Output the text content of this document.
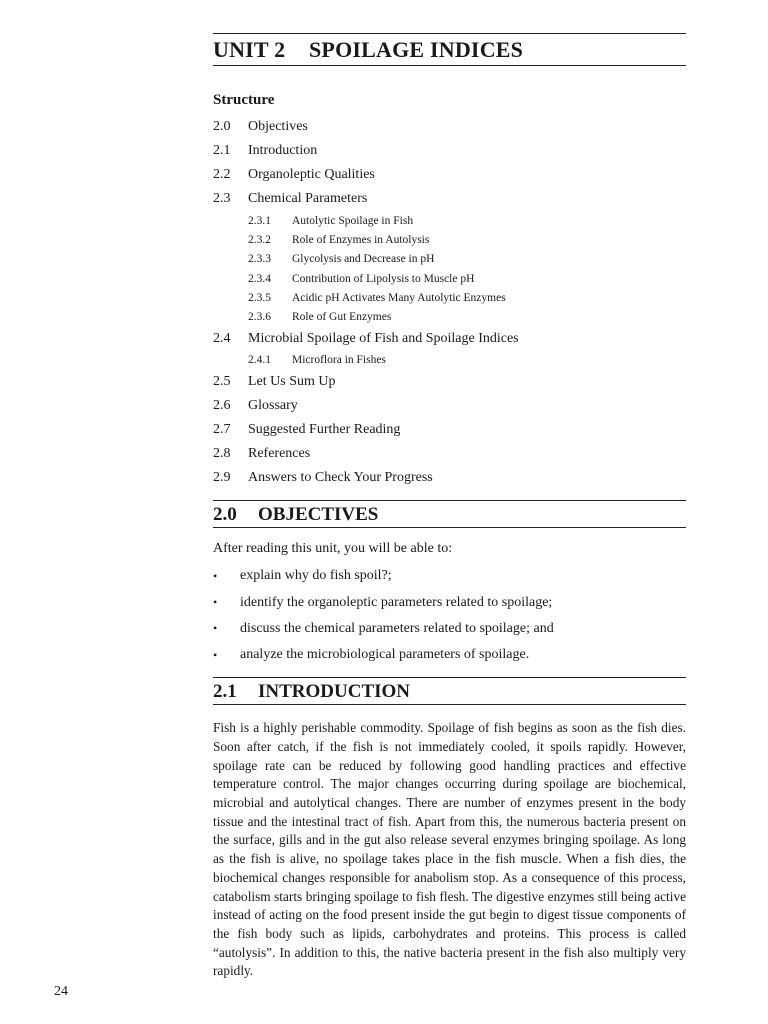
UNIT 2 SPOILAGE INDICES
Structure
2.0	Objectives
2.1	Introduction
2.2	Organoleptic Qualities
2.3	Chemical Parameters
2.3.1	Autolytic Spoilage in Fish
2.3.2	Role of Enzymes in Autolysis
2.3.3	Glycolysis and Decrease in pH
2.3.4	Contribution of Lipolysis to Muscle pH
2.3.5	Acidic pH Activates Many Autolytic Enzymes
2.3.6	Role of Gut Enzymes
2.4	Microbial Spoilage of Fish and Spoilage Indices
2.4.1	Microflora in Fishes
2.5	Let Us Sum Up
2.6	Glossary
2.7	Suggested Further Reading
2.8	References
2.9	Answers to Check Your Progress
2.0 OBJECTIVES
After reading this unit, you will be able to:
•	explain why do fish spoil?;
•	identify the organoleptic parameters related to spoilage;
•	discuss the chemical parameters related to spoilage; and
•	analyze the microbiological parameters of spoilage.
2.1 INTRODUCTION

Fish is a highly perishable commodity. Spoilage of fish begins as soon as the fish dies. Soon after catch, if the fish is not immediately cooled, it spoils rapidly. However, spoilage rate can be reduced by following good handling practices and effective temperature control. The major changes occurring during spoilage are biochemical, microbial and autolytical changes. There are number of enzymes present in the body tissue and the intestinal tract of fish. Apart from this, the numerous bacteria present on the surface, gills and in the gut also release several enzymes bringing spoilage. As long as the fish is alive, no spoilage takes place in the fish muscle. When a fish dies, the biochemical changes responsible for anabolism stop. As a consequence of this process, catabolism starts bringing spoilage to fish flesh. The digestive enzymes still being active instead of acting on the food present inside the gut begin to digest tissue components of the fish body such as lipids, carbohydrates and proteins. This process is called “autolysis”. In addition to this, the native bacteria present in the fish also multiply very rapidly.

24
